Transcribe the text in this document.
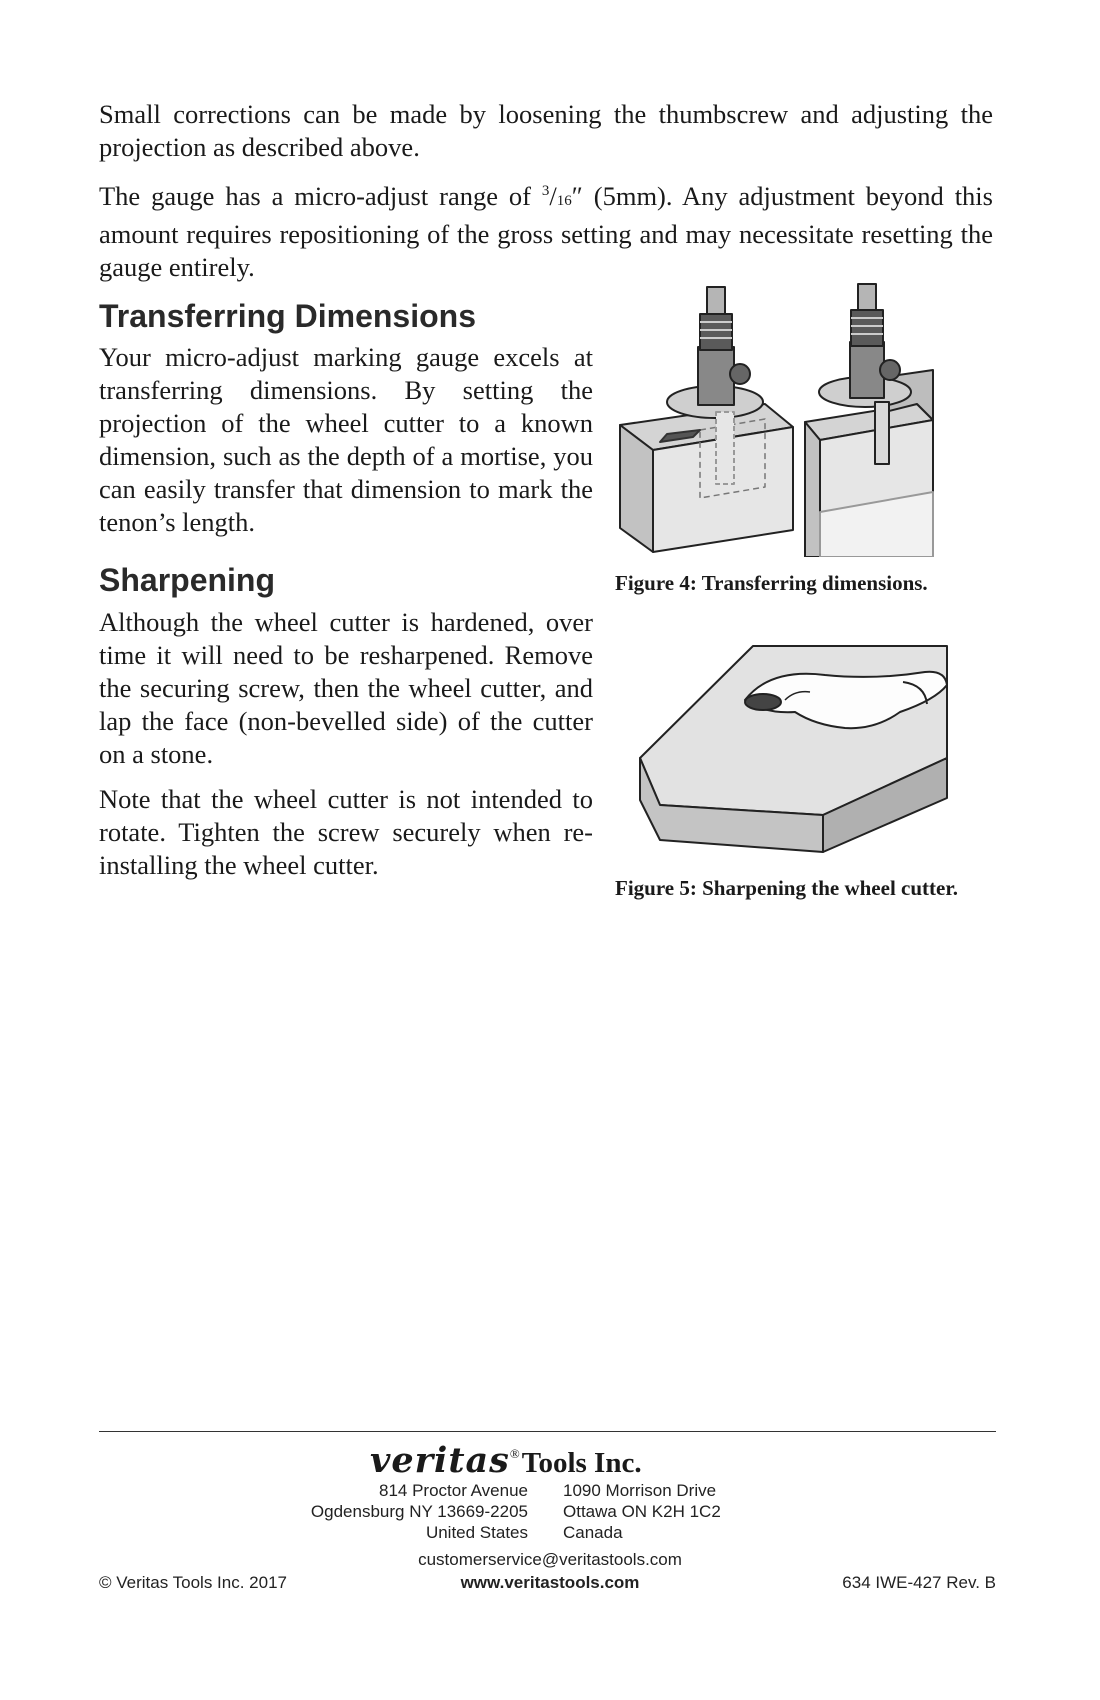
Small corrections can be made by loosening the thumbscrew and adjusting the projection as described above.

The gauge has a micro-adjust range of $^3$/16″ (5mm). Any adjustment beyond this amount requires repositioning of the gross setting and may necessitate resetting the gauge entirely.

Transferring Dimensions

Your micro-adjust marking gauge excels at transferring dimensions. By setting the projection of the wheel cutter to a known dimension, such as the depth of a mortise, you can easily transfer that dimension to mark the tenon’s length.

Sharpening

Although the wheel cutter is hardened, over time it will need to be resharpened. Remove the securing screw, then the wheel cutter, and lap the face (non-bevelled side) of the cutter on a stone.

Note that the wheel cutter is not intended to rotate. Tighten the screw securely when re-installing the wheel cutter.

Figure 4: Transferring dimensions.
Figure 5: Sharpening the wheel cutter.
veritas®Tools Inc.
814 Proctor Avenue
Ogdensburg NY 13669-2205
United States
1090 Morrison Drive
Ottawa ON K2H 1C2
Canada
customerservice@veritastools.com
www.veritastools.com
© Veritas Tools Inc. 2017	634 IWE-427 Rev. B
